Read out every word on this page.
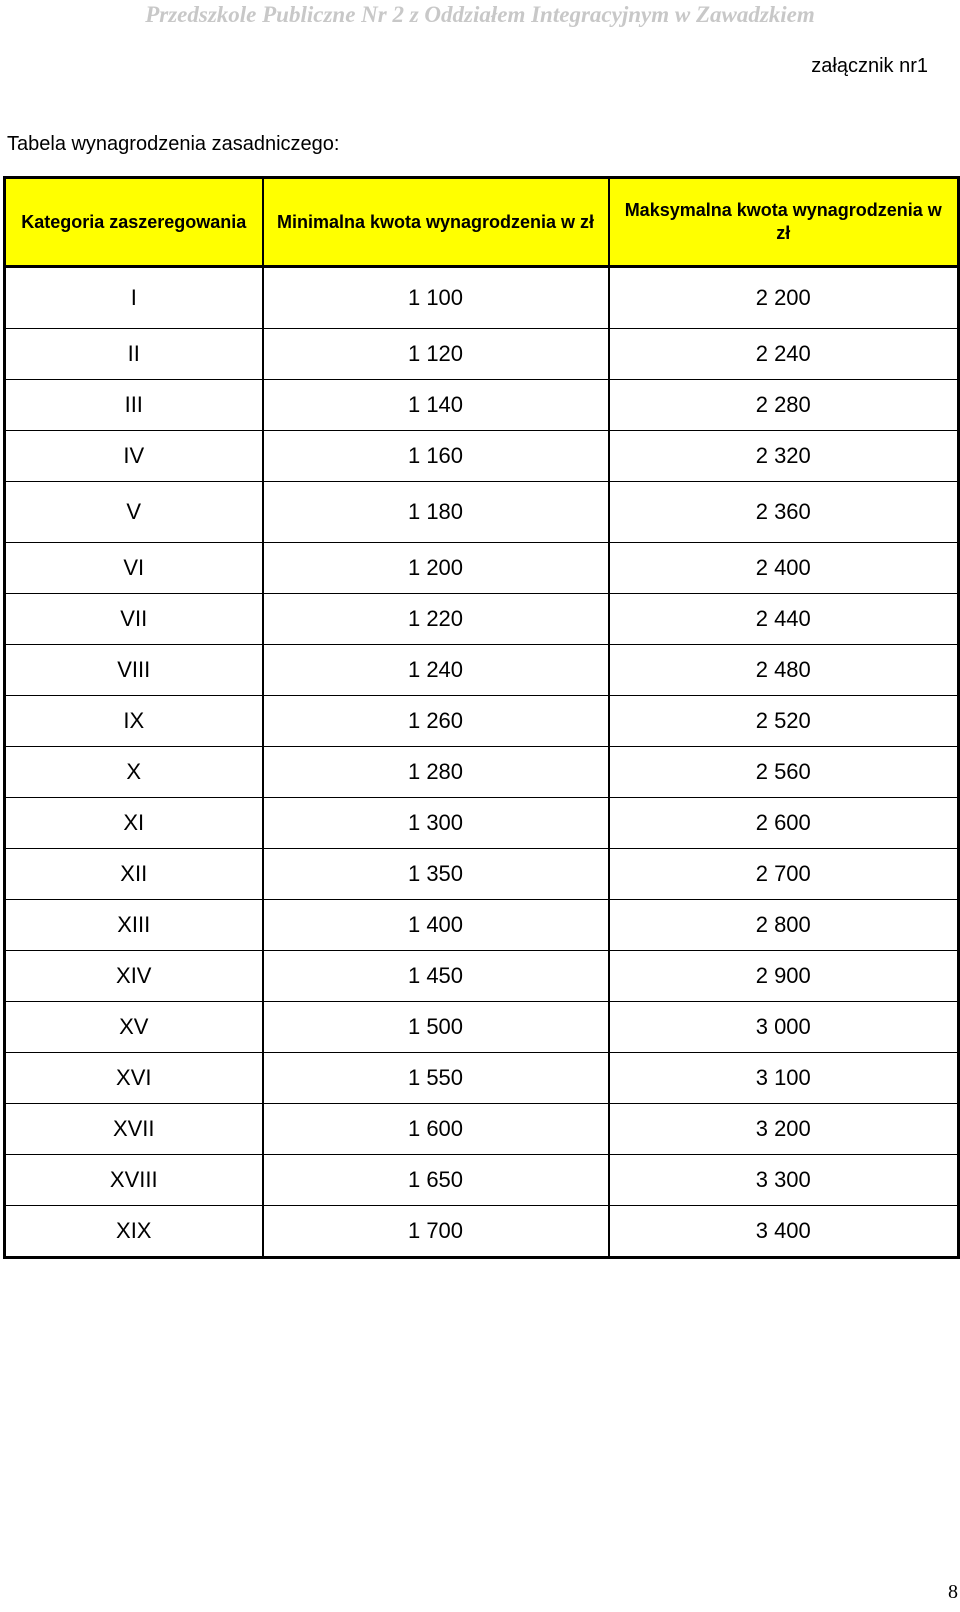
Przedszkole Publiczne Nr 2 z Oddziałem Integracyjnym w Zawadzkiem
załącznik nr1
Tabela wynagrodzenia zasadniczego:
Kategoria zaszeregowania	Minimalna kwota wynagrodzenia w zł	Maksymalna kwota wynagrodzenia w zł
I	1 100	2 200
II	1 120	2 240
III	1 140	2 280
IV	1 160	2 320
V	1 180	2 360
VI	1 200	2 400
VII	1 220	2 440
VIII	1 240	2 480
IX	1 260	2 520
X	1 280	2 560
XI	1 300	2 600
XII	1 350	2 700
XIII	1 400	2 800
XIV	1 450	2 900
XV	1 500	3 000
XVI	1 550	3 100
XVII	1 600	3 200
XVIII	1 650	3 300
XIX	1 700	3 400
8
